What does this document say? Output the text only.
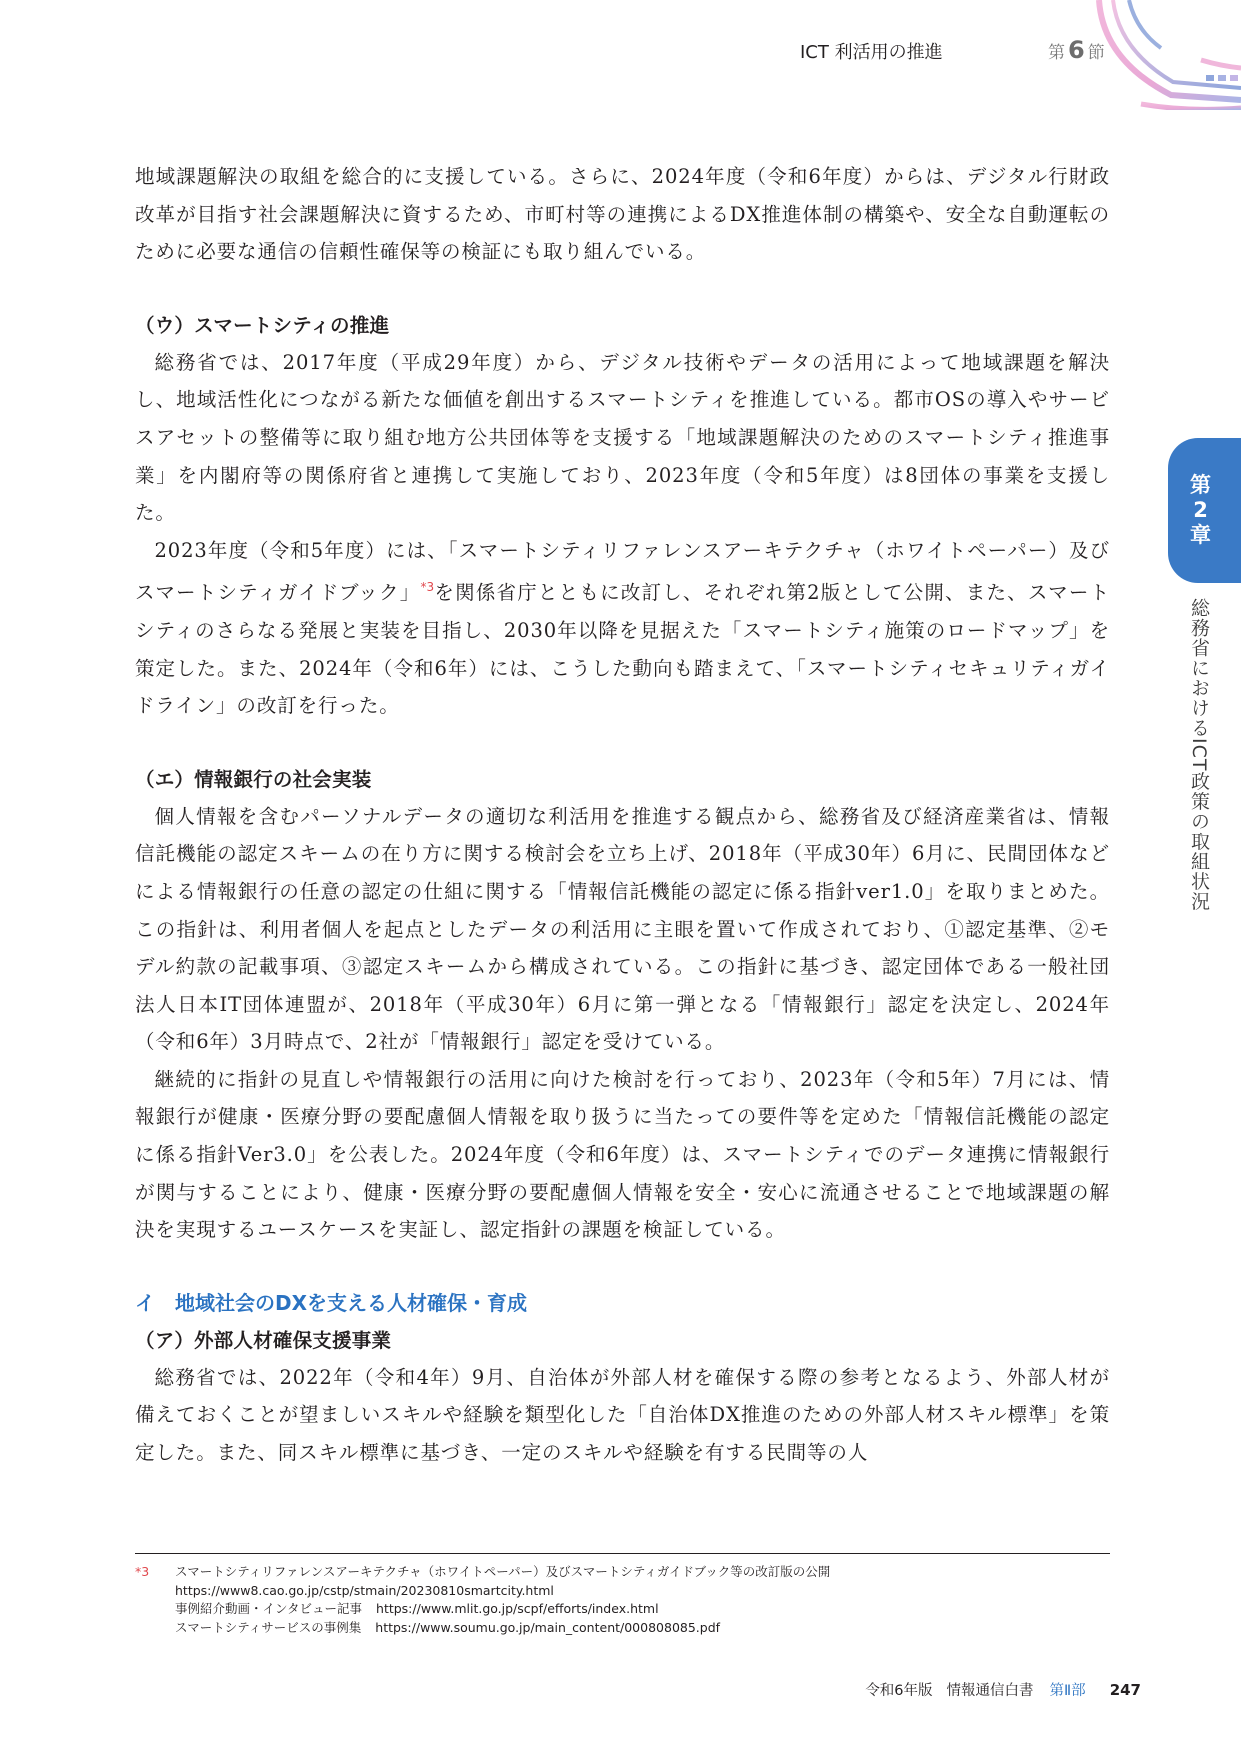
ICT 利活用の推進	第 6 節

地域課題解決の取組を総合的に支援している。さらに、2024年度（令和6年度）からは、デジタル行財政改革が目指す社会課題解決に資するため、市町村等の連携によるDX推進体制の構築や、安全な自動運転のために必要な通信の信頼性確保等の検証にも取り組んでいる。

（ウ）スマートシティの推進

総務省では、2017年度（平成29年度）から、デジタル技術やデータの活用によって地域課題を解決し、地域活性化につながる新たな価値を創出するスマートシティを推進している。都市OSの導入やサービスアセットの整備等に取り組む地方公共団体等を支援する「地域課題解決のためのスマートシティ推進事業」を内閣府等の関係府省と連携して実施しており、2023年度（令和5年度）は8団体の事業を支援した。

2023年度（令和5年度）には、「スマートシティリファレンスアーキテクチャ（ホワイトペーパー）及びスマートシティガイドブック」$^{*3}$を関係省庁とともに改訂し、それぞれ第2版として公開、また、スマートシティのさらなる発展と実装を目指し、2030年以降を見据えた「スマートシティ施策のロードマップ」を策定した。また、2024年（令和6年）には、こうした動向も踏まえて、「スマートシティセキュリティガイドライン」の改訂を行った。

（エ）情報銀行の社会実装

個人情報を含むパーソナルデータの適切な利活用を推進する観点から、総務省及び経済産業省は、情報信託機能の認定スキームの在り方に関する検討会を立ち上げ、2018年（平成30年）6月に、民間団体などによる情報銀行の任意の認定の仕組に関する「情報信託機能の認定に係る指針ver1.0」を取りまとめた。この指針は、利用者個人を起点としたデータの利活用に主眼を置いて作成されており、①認定基準、②モデル約款の記載事項、③認定スキームから構成されている。この指針に基づき、認定団体である一般社団法人日本IT団体連盟が、2018年（平成30年）6月に第一弾となる「情報銀行」認定を決定し、2024年（令和6年）3月時点で、2社が「情報銀行」認定を受けている。

継続的に指針の見直しや情報銀行の活用に向けた検討を行っており、2023年（令和5年）7月には、情報銀行が健康・医療分野の要配慮個人情報を取り扱うに当たっての要件等を定めた「情報信託機能の認定に係る指針Ver3.0」を公表した。2024年度（令和6年度）は、スマートシティでのデータ連携に情報銀行が関与することにより、健康・医療分野の要配慮個人情報を安全・安心に流通させることで地域課題の解決を実現するユースケースを実証し、認定指針の課題を検証している。

イ　地域社会のDXを支える人材確保・育成
（ア）外部人材確保支援事業

総務省では、2022年（令和4年）9月、自治体が外部人材を確保する際の参考となるよう、外部人材が備えておくことが望ましいスキルや経験を類型化した「自治体DX推進のための外部人材スキル標準」を策定した。また、同スキル標準に基づき、一定のスキルや経験を有する民間等の人

第
2
章
総務省におけるICT政策の取組状況
*3	スマートシティリファレンスアーキテクチャ（ホワイトペーパー）及びスマートシティガイドブック等の改訂版の公開
https://www8.cao.go.jp/cstp/stmain/20230810smartcity.html
事例紹介動画・インタビュー記事 https://www.mlit.go.jp/scpf/efforts/index.html
スマートシティサービスの事例集 https://www.soumu.go.jp/main_content/000808085.pdf
令和6年版 情報通信白書 第Ⅱ部 247
